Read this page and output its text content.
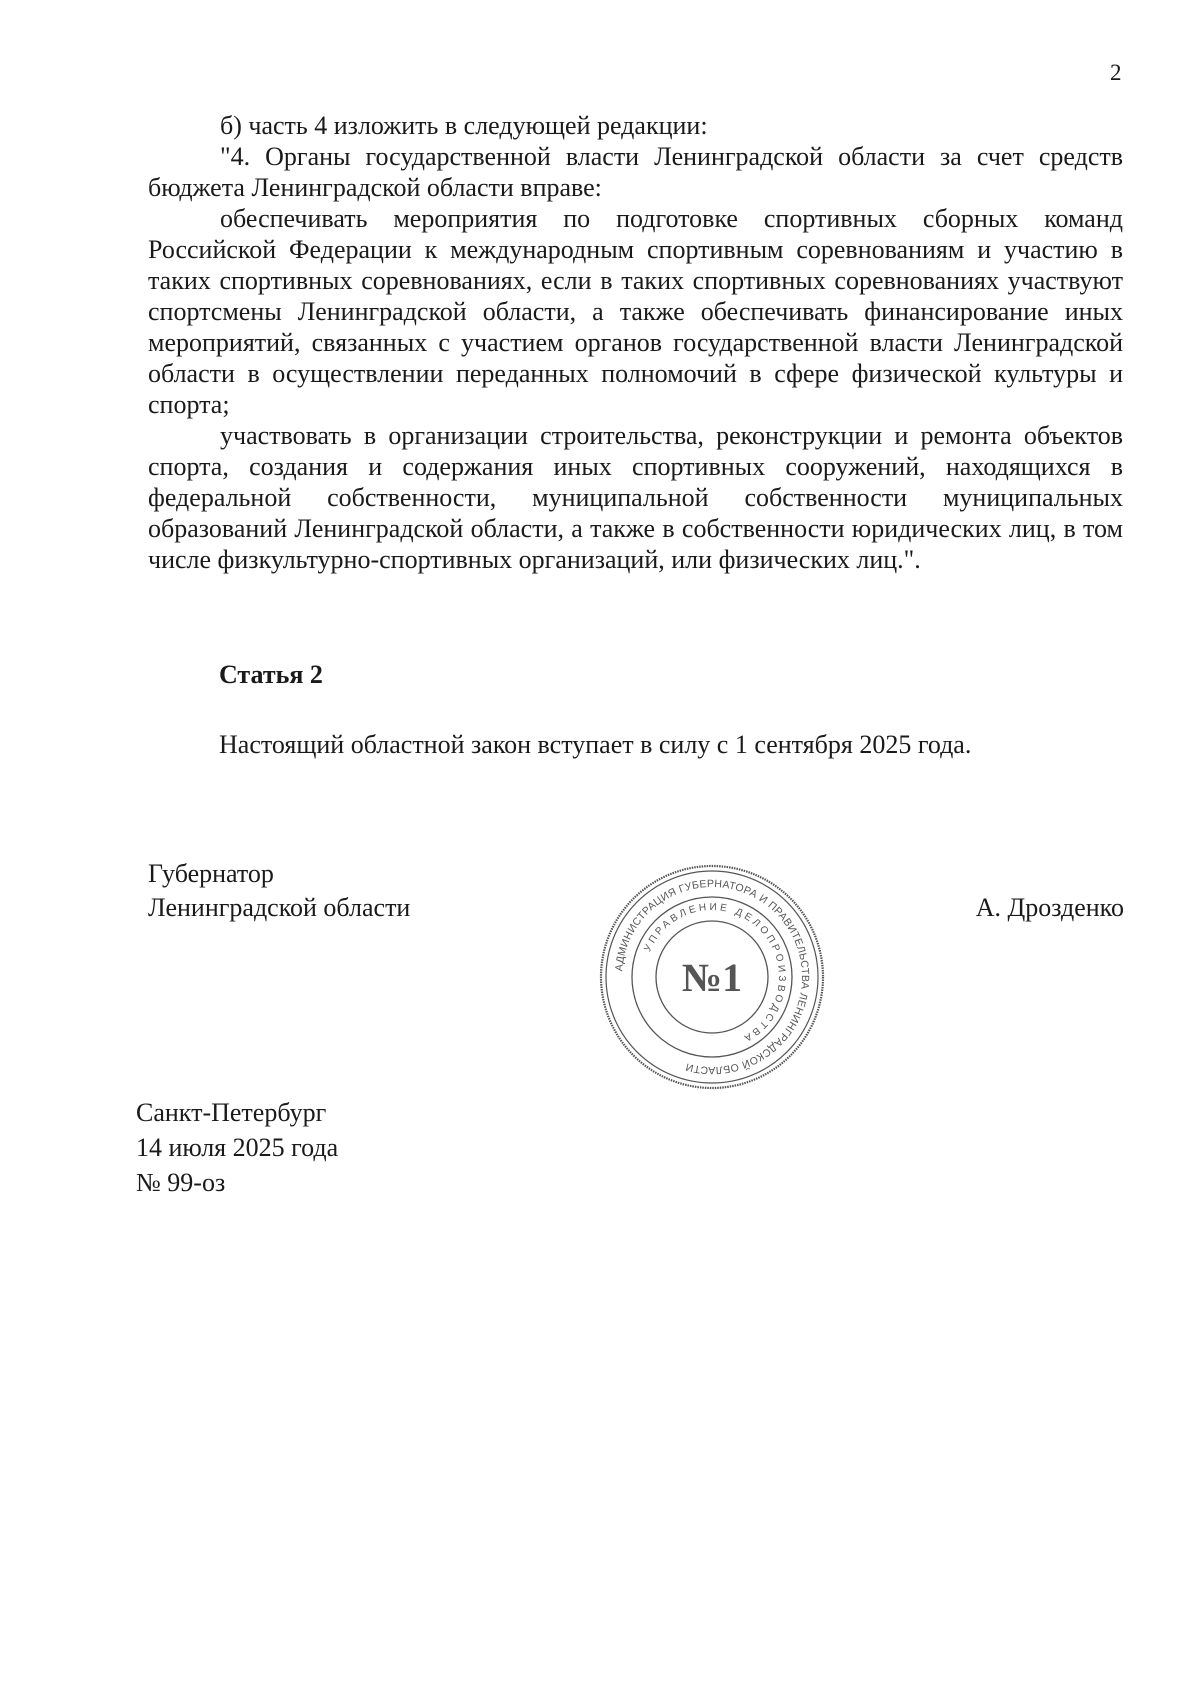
2

б) часть 4 изложить в следующей редакции:

"4. Органы государственной власти Ленинградской области за счет средств бюджета Ленинградской области вправе:

обеспечивать мероприятия по подготовке спортивных сборных команд Российской Федерации к международным спортивным соревнованиям и участию в таких спортивных соревнованиях, если в таких спортивных соревнованиях участвуют спортсмены Ленинградской области, а также обеспечивать финансирование иных мероприятий, связанных с участием органов государственной власти Ленинградской области в осуществлении переданных полномочий в сфере физической культуры и спорта;

участвовать в организации строительства, реконструкции и ремонта объектов спорта, создания и содержания иных спортивных сооружений, находящихся в федеральной собственности, муниципальной собственности муниципальных образований Ленинградской области, а также в собственности юридических лиц, в том числе физкультурно-спортивных организаций, или физических лиц.".

Статья 2
Настоящий областной закон вступает в силу с 1 сентября 2025 года.
Губернатор
Ленинградской области	А. Дрозденко
АДМИНИСТРАЦИЯ ГУБЕРНАТОРА И ПРАВИТЕЛЬСТВА ЛЕНИНГРАДСКОЙ ОБЛАСТИ
УПРАВЛЕНИЕ ДЕЛОПРОИЗВОДСТВА
№1
Санкт-Петербург
14 июля 2025 года
№ 99-оз
